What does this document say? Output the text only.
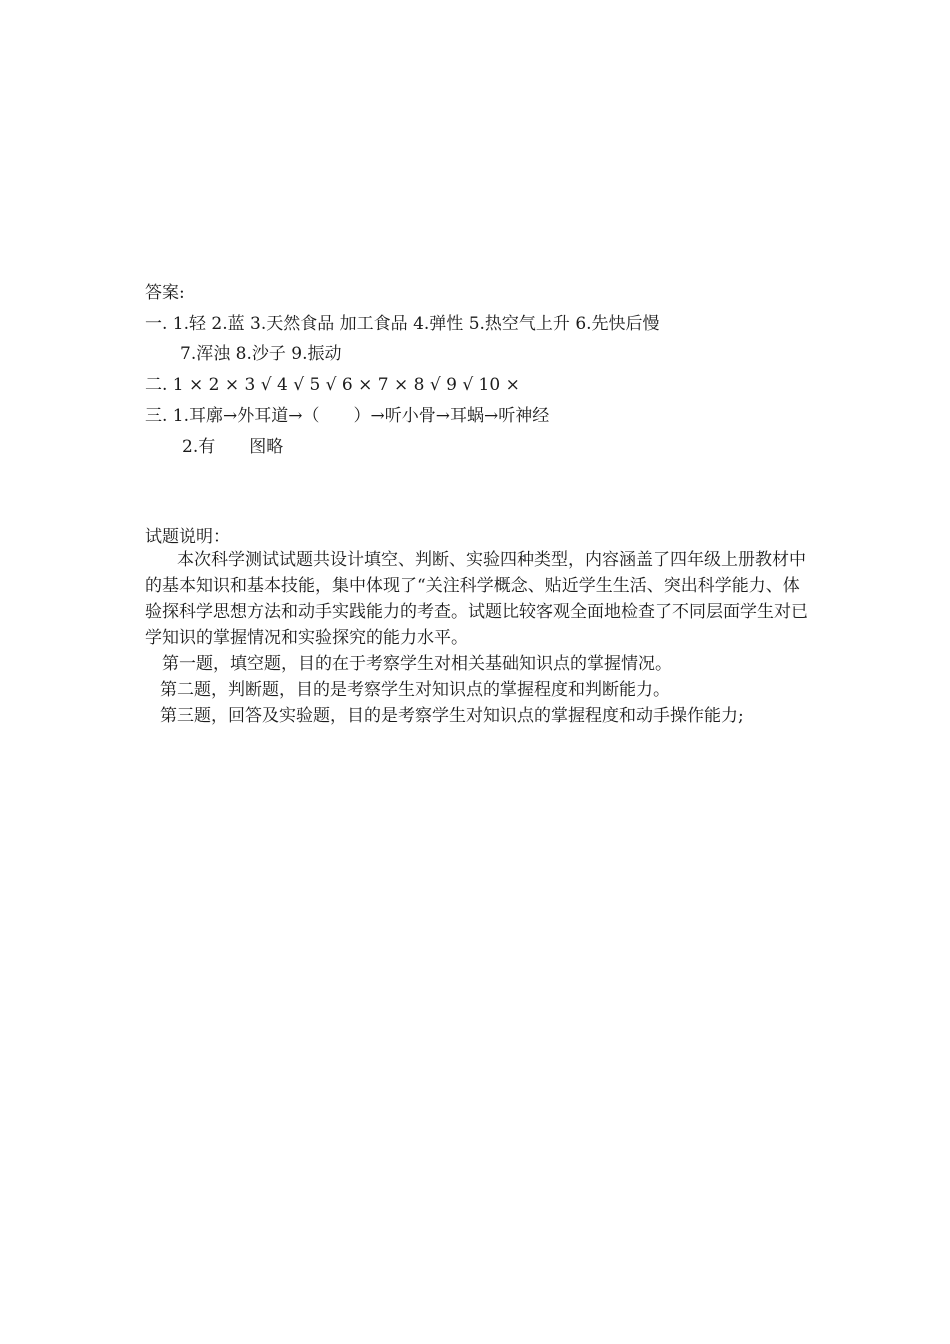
答案:
一. 1.轻 2.蓝 3.天然食品 加工食品 4.弹性 5.热空气上升 6.先快后慢
7.浑浊 8.沙子 9.振动
二. 1 × 2 × 3 √ 4 √ 5 √ 6 × 7 × 8 √ 9 √ 10 ×
三. 1.耳廓→外耳道→（　　）→听小骨→耳蜗→听神经
2.有　　图略
试题说明：
本次科学测试试题共设计填空、判断、实验四种类型，内容涵盖了四年级上册教材中的基本知识和基本技能，集中体现了“关注科学概念、贴近学生生活、突出科学能力、体验探科学思想方法和动手实践能力的考查。试题比较客观全面地检查了不同层面学生对已学知识的掌握情况和实验探究的能力水平。
第一题，填空题，目的在于考察学生对相关基础知识点的掌握情况。
第二题，判断题，目的是考察学生对知识点的掌握程度和判断能力。
第三题，回答及实验题，目的是考察学生对知识点的掌握程度和动手操作能力;
